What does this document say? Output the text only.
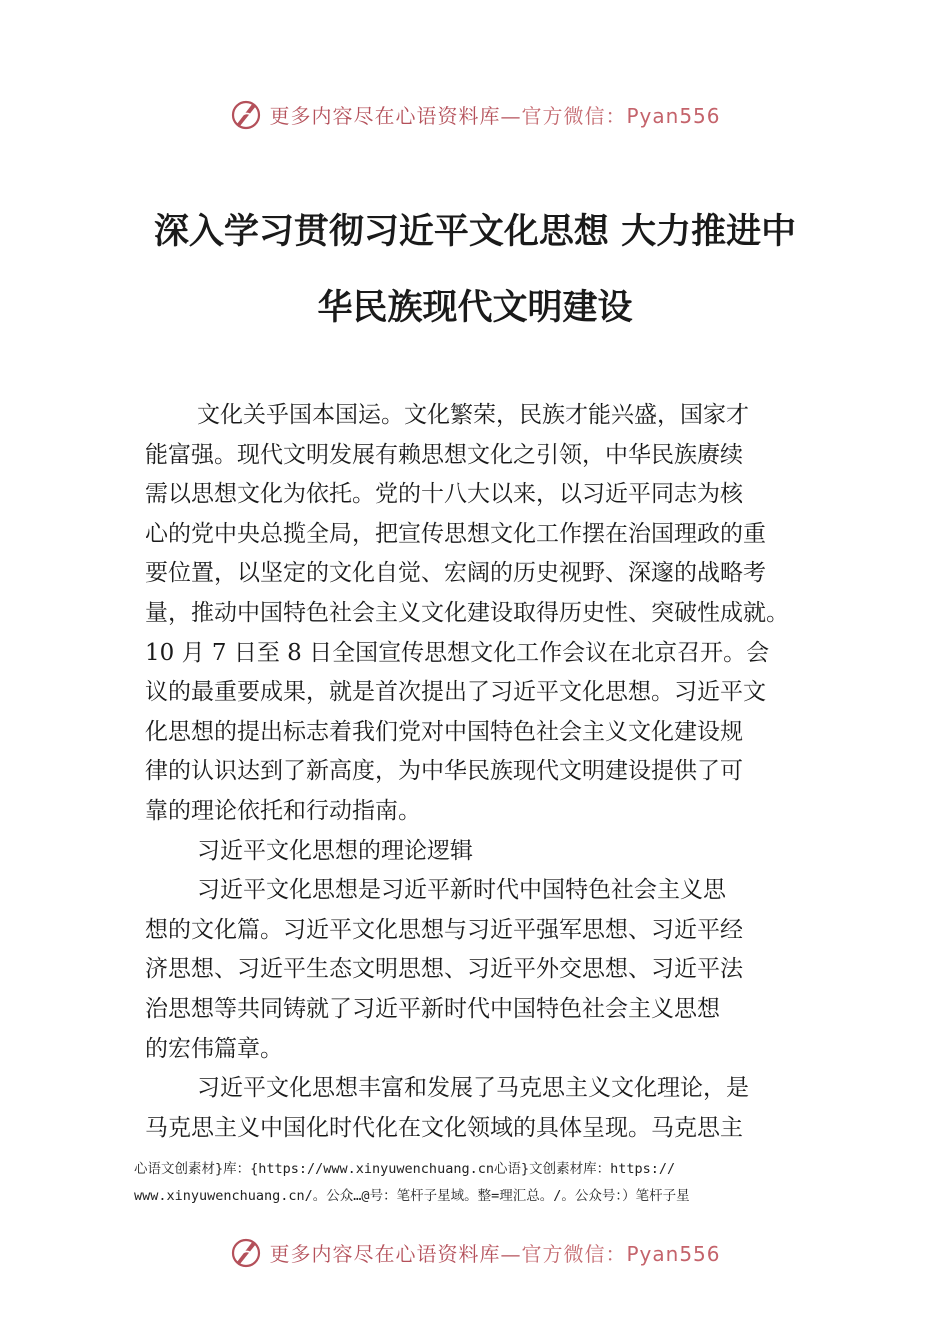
更多内容尽在心语资料库—官方微信：Pyan556
深入学习贯彻习近平文化思想 大力推进中
华民族现代文明建设
文化关乎国本国运。文化繁荣，民族才能兴盛，国家才
能富强。现代文明发展有赖思想文化之引领，中华民族赓续
需以思想文化为依托。党的十八大以来，以习近平同志为核
心的党中央总揽全局，把宣传思想文化工作摆在治国理政的重
要位置，以坚定的文化自觉、宏阔的历史视野、深邃的战略考
量，推动中国特色社会主义文化建设取得历史性、突破性成就。
10 月 7 日至 8 日全国宣传思想文化工作会议在北京召开。会
议的最重要成果，就是首次提出了习近平文化思想。习近平文
化思想的提出标志着我们党对中国特色社会主义文化建设规
律的认识达到了新高度，为中华民族现代文明建设提供了可
靠的理论依托和行动指南。
习近平文化思想的理论逻辑
习近平文化思想是习近平新时代中国特色社会主义思
想的文化篇。习近平文化思想与习近平强军思想、习近平经
济思想、习近平生态文明思想、习近平外交思想、习近平法
治思想等共同铸就了习近平新时代中国特色社会主义思想
的宏伟篇章。
习近平文化思想丰富和发展了马克思主义文化理论，是
马克思主义中国化时代化在文化领域的具体呈现。马克思主
心语文创素材}库：{https://www.xinyuwenchuang.cn心语}文创素材库：https://
www.xinyuwenchuang.cn/。公众…@号：笔杆子星域。整=理汇总。/。公众号：）笔杆子星
更多内容尽在心语资料库—官方微信：Pyan556
